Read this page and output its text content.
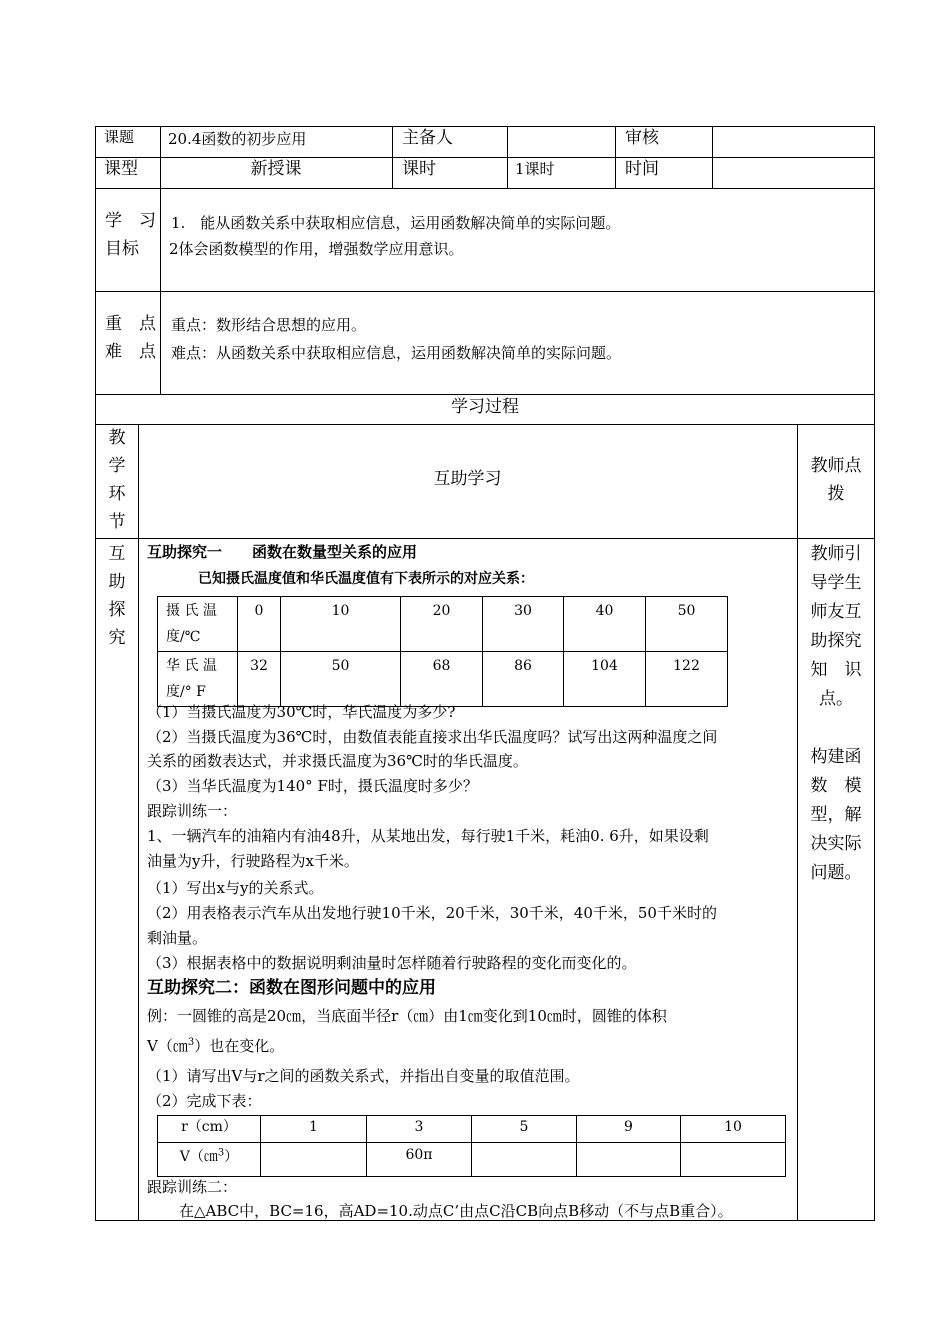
课题 20.4函数的初步应用	主备人	审核
课型	新授课	课时	1课时	时间
学　习
目标
1.　能从函数关系中获取相应信息，运用函数解决简单的实际问题。
2体会函数模型的作用，增强数学应用意识。
重　点
难　点
重点：数形结合思想的应用。
难点：从函数关系中获取相应信息，运用函数解决简单的实际问题。
学习过程
教
学
环
节
互助学习
教师点
拨
互
助
探
究
教师引
导学生
师友互
助探究
知　识
点。
构建函
数　模
型，解
决实际
问题。
互助探究一　　函数在数量型关系的应用
已知摄氏温度值和华氏温度值有下表所示的对应关系：
摄 氏 温
度/℃	0	10	20	30	40	50

华 氏 温
度/° F	32	50	68	86	104	122
（1）当摄氏温度为30℃时，华氏温度为多少?
（2）当摄氏温度为36℃时，由数值表能直接求出华氏温度吗？试写出这两种温度之间
关系的函数表达式，并求摄氏温度为36℃时的华氏温度。
（3）当华氏温度为140° F时，摄氏温度时多少？
跟踪训练一：
1、一辆汽车的油箱内有油48升，从某地出发，每行驶1千米，耗油0. 6升，如果设剩
油量为y升，行驶路程为x千米。
（1）写出x与y的关系式。
（2）用表格表示汽车从出发地行驶10千米，20千米，30千米，40千米，50千米时的
剩油量。
（3）根据表格中的数据说明剩油量时怎样随着行驶路程的变化而变化的。
互助探究二：函数在图形问题中的应用
例：一圆锥的高是20㎝，当底面半径r（㎝）由1㎝变化到10㎝时，圆锥的体积
V（㎝$^3$）也在变化。
（1）请写出V与r之间的函数关系式，并指出自变量的取值范围。
（2）完成下表：
r（cm）	1	3	5	9	10
V（㎝$^3$）		60π			
跟踪训练二：
在△ABC中，BC=16，高AD=10.动点C’由点C沿CB向点B移动（不与点B重合）。
